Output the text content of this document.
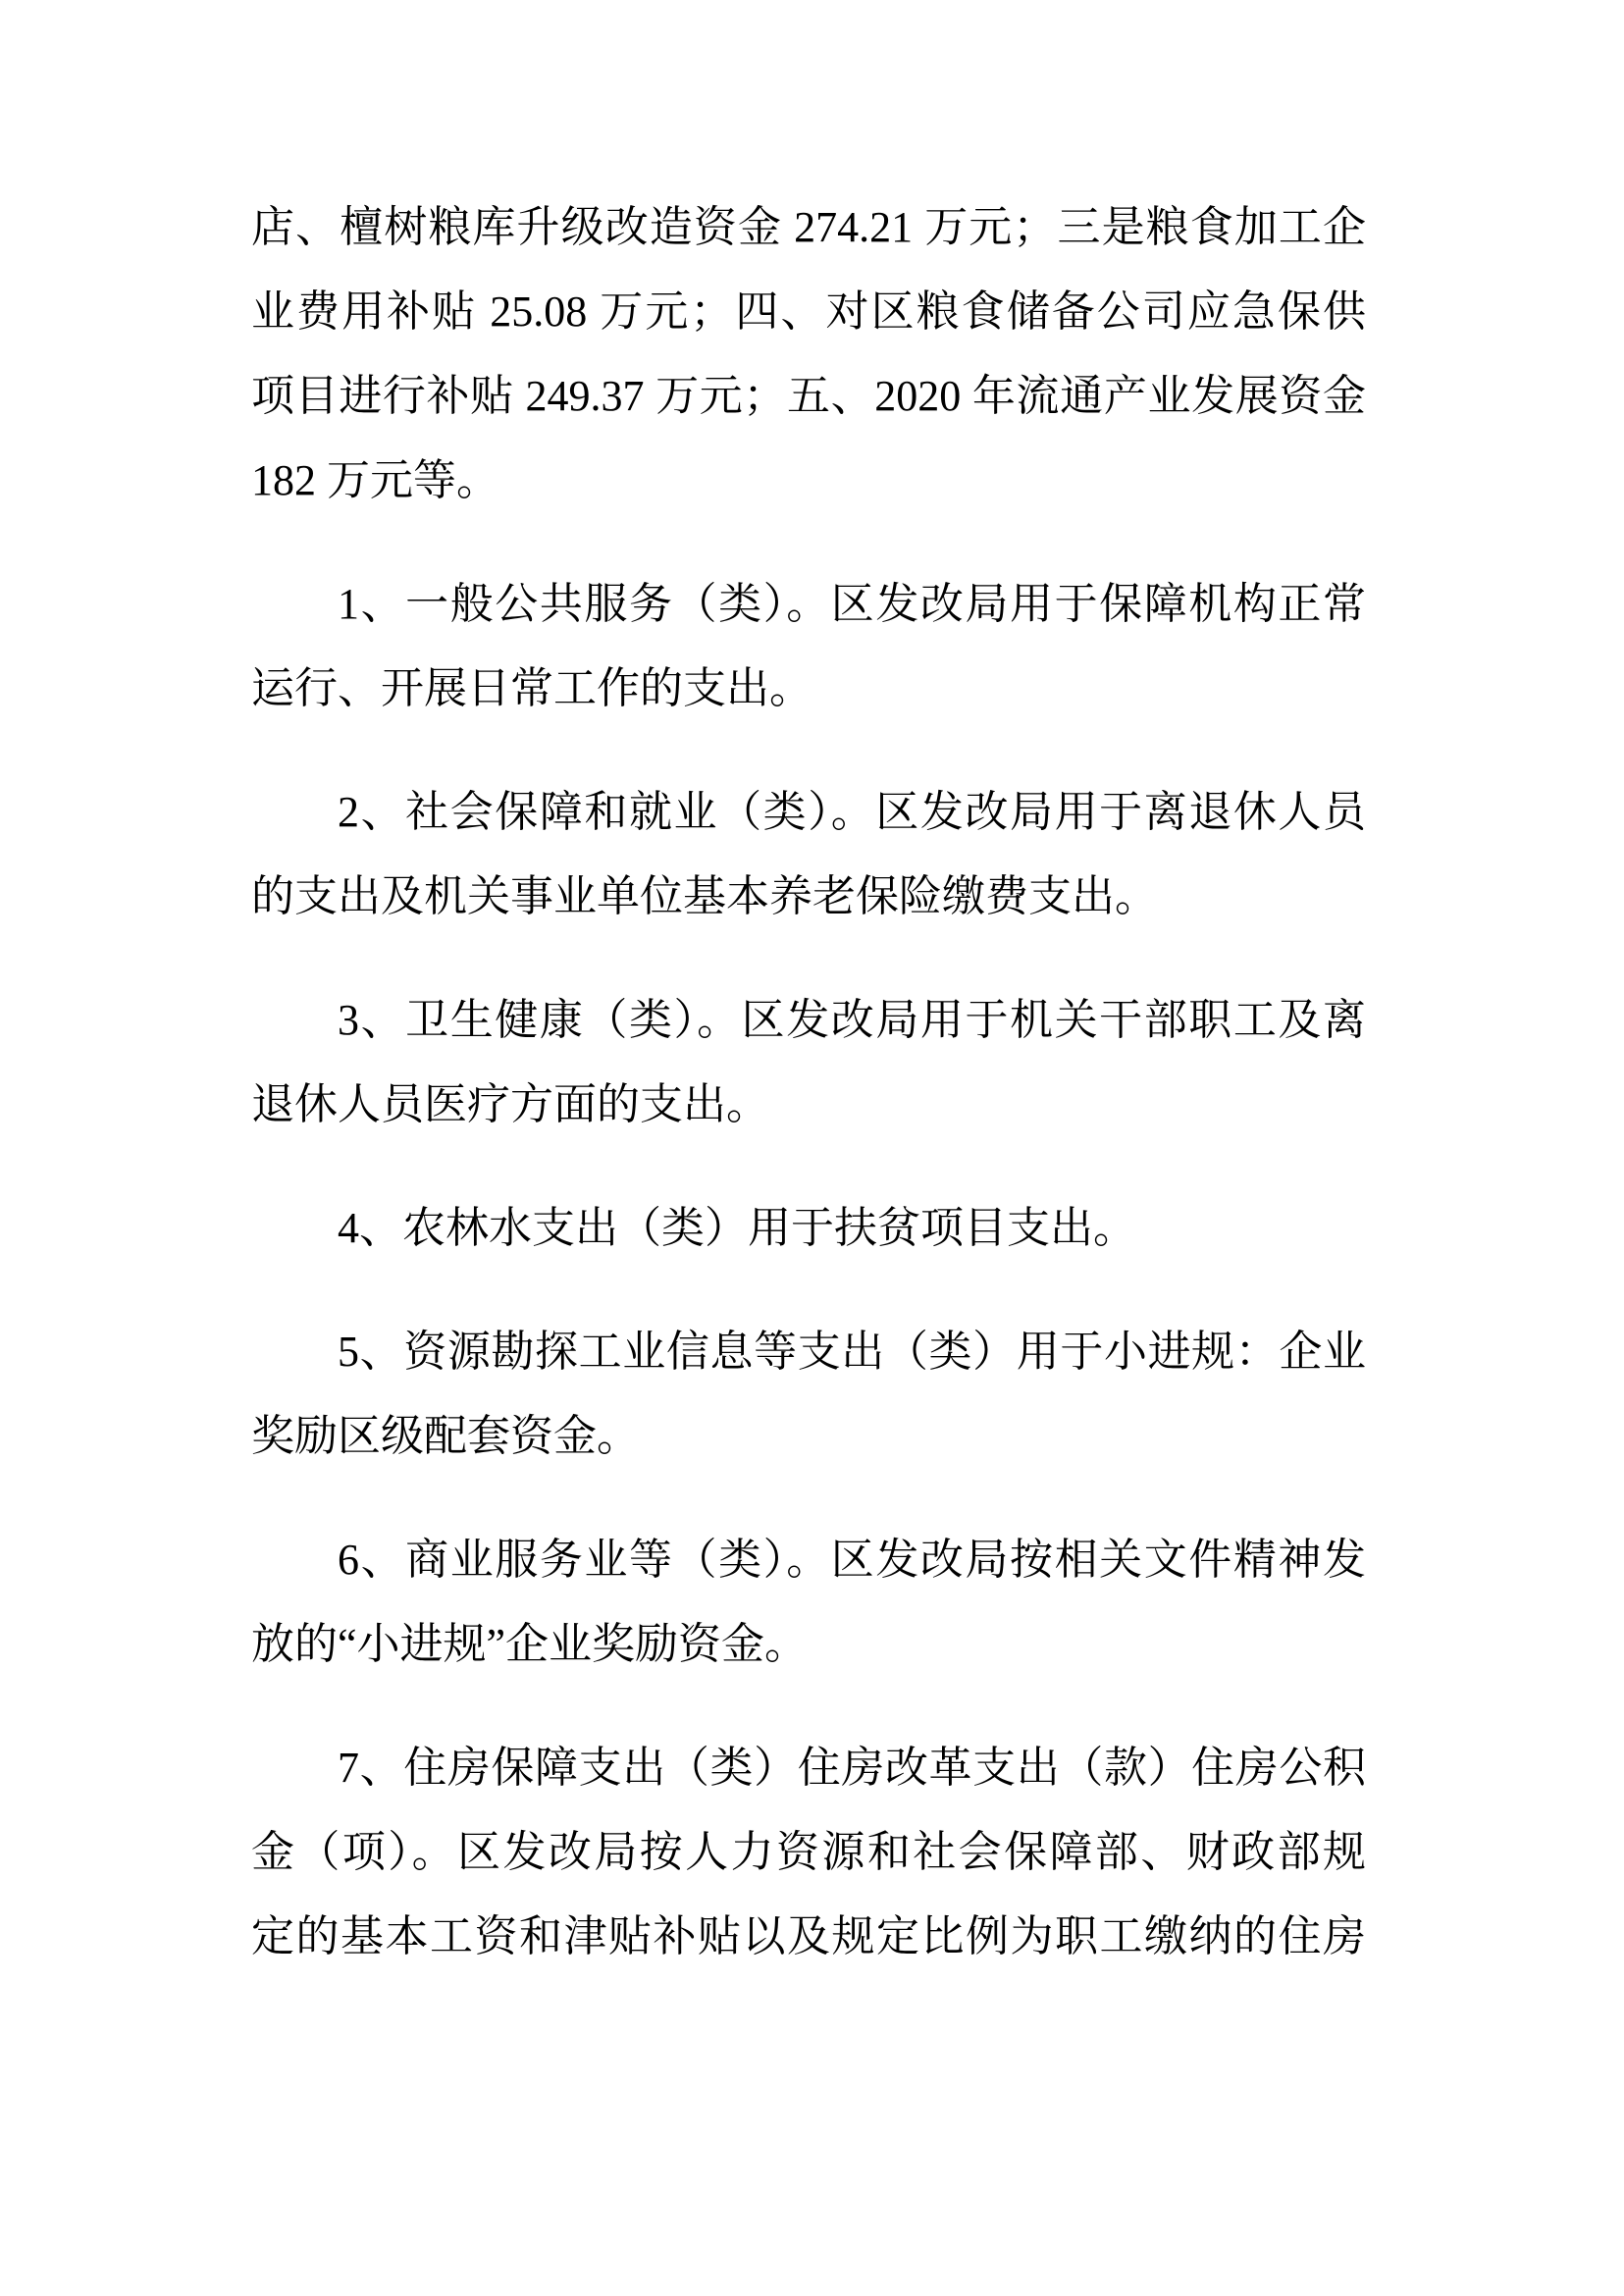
店、檀树粮库升级改造资金 274.21 万元；三是粮食加工企
业费用补贴 25.08 万元；四、对区粮食储备公司应急保供
项目进行补贴 249.37 万元；五、2020 年流通产业发展资金
182 万元等。
1、一般公共服务（类）。区发改局用于保障机构正常
运行、开展日常工作的支出。
2、社会保障和就业（类）。区发改局用于离退休人员
的支出及机关事业单位基本养老保险缴费支出。
3、卫生健康（类）。区发改局用于机关干部职工及离
退休人员医疗方面的支出。
4、农林水支出（类）用于扶贫项目支出。
5、资源勘探工业信息等支出（类）用于小进规：企业
奖励区级配套资金。
6、商业服务业等（类）。区发改局按相关文件精神发
放的“小进规”企业奖励资金。
7、住房保障支出（类）住房改革支出（款）住房公积
金（项）。区发改局按人力资源和社会保障部、财政部规
定的基本工资和津贴补贴以及规定比例为职工缴纳的住房
